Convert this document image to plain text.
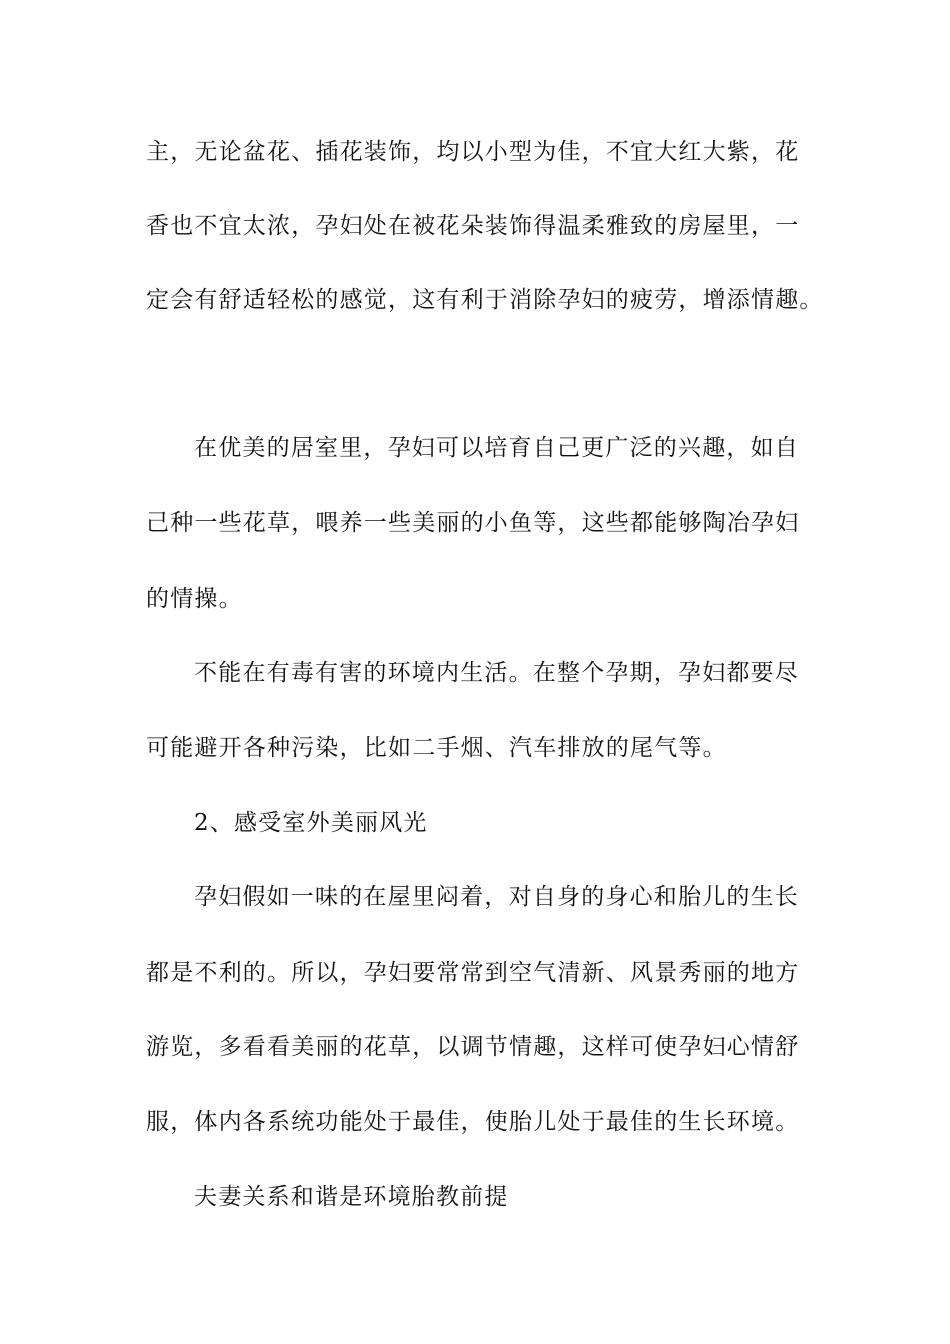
主，无论盆花、插花装饰，均以小型为佳，不宜大红大紫，花
香也不宜太浓，孕妇处在被花朵装饰得温柔雅致的房屋里，一
定会有舒适轻松的感觉，这有利于消除孕妇的疲劳，增添情趣。
在优美的居室里，孕妇可以培育自己更广泛的兴趣，如自
己种一些花草，喂养一些美丽的小鱼等，这些都能够陶冶孕妇
的情操。
不能在有毒有害的环境内生活。在整个孕期，孕妇都要尽
可能避开各种污染，比如二手烟、汽车排放的尾气等。
2、感受室外美丽风光
孕妇假如一味的在屋里闷着，对自身的身心和胎儿的生长
都是不利的。所以，孕妇要常常到空气清新、风景秀丽的地方
游览，多看看美丽的花草，以调节情趣，这样可使孕妇心情舒
服，体内各系统功能处于最佳，使胎儿处于最佳的生长环境。
夫妻关系和谐是环境胎教前提
